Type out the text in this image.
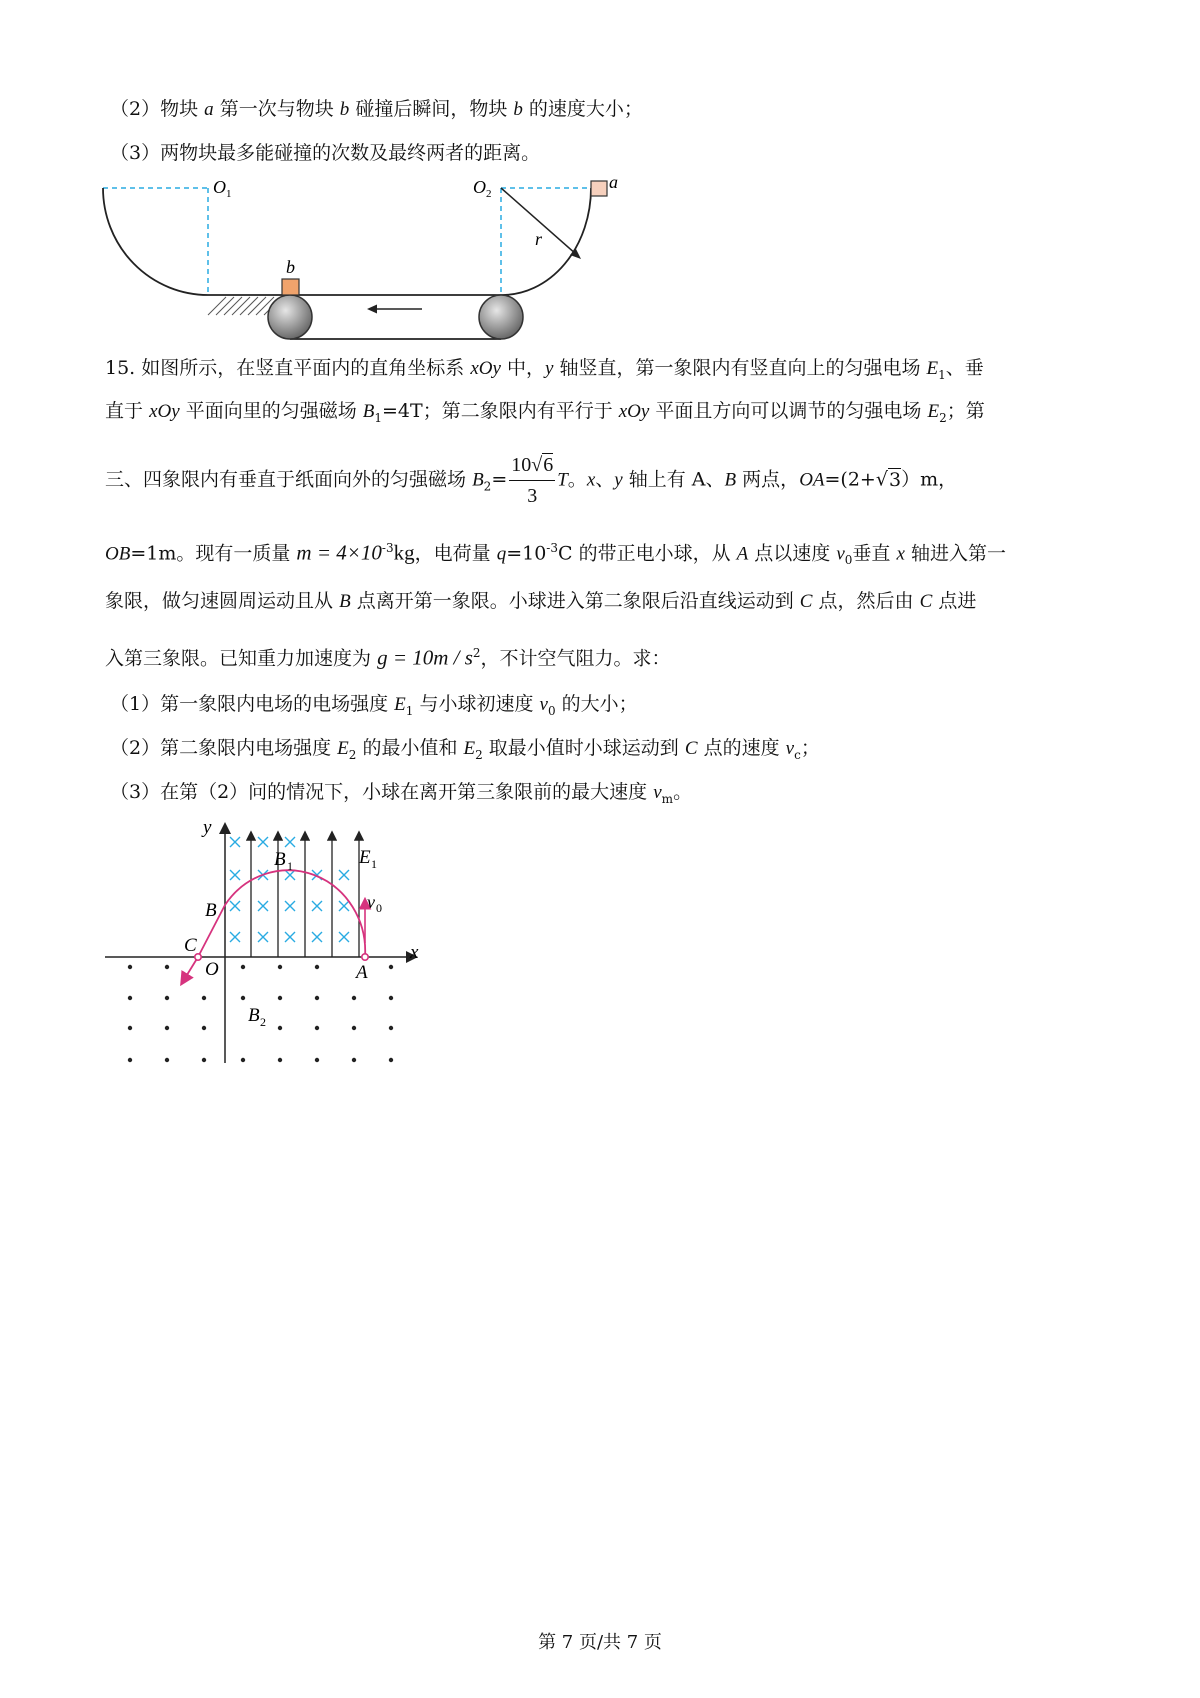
（2）物块 a 第一次与物块 b 碰撞后瞬间，物块 b 的速度大小；
（3）两物块最多能碰撞的次数及最终两者的距离。
O 1	O 2
a
b
r
15. 如图所示，在竖直平面内的直角坐标系 xOy 中，y 轴竖直，第一象限内有竖直向上的匀强电场 $E_1$、垂
直于 xOy 平面向里的匀强磁场 $B_1=4T$；第二象限内有平行于 xOy 平面且方向可以调节的匀强电场 $E_2$；第
三、四象限内有垂直于纸面向外的匀强磁场 $B_2= \frac{10√6}{3}$ T。x、y 轴上有 A、B 两点，OA=(2+√3）m，
OB=1m。现有一质量 $m = 4\times 10^{-3}kg$，电荷量 $q=10^{-3}C$ 的带正电小球，从 A 点以速度 $v_0$垂直 x 轴进入第一
象限，做匀速圆周运动且从 B 点离开第一象限。小球进入第二象限后沿直线运动到 C 点，然后由 C 点进
入第三象限。已知重力加速度为 $g = 10m / s^2$，不计空气阻力。求：
（1）第一象限内电场的电场强度 $E_1$ 与小球初速度 $v_0$ 的大小；
（2）第二象限内电场强度 $E_2$ 的最小值和 $E_2$ 取最小值时小球运动到 C 点的速度 $v_c$；
（3）在第（2）问的情况下，小球在离开第三象限前的最大速度 $v_m$。
y
x
B 1	E 1
B
C
O	A
v 0
B 2
第 7 页/共 7 页
